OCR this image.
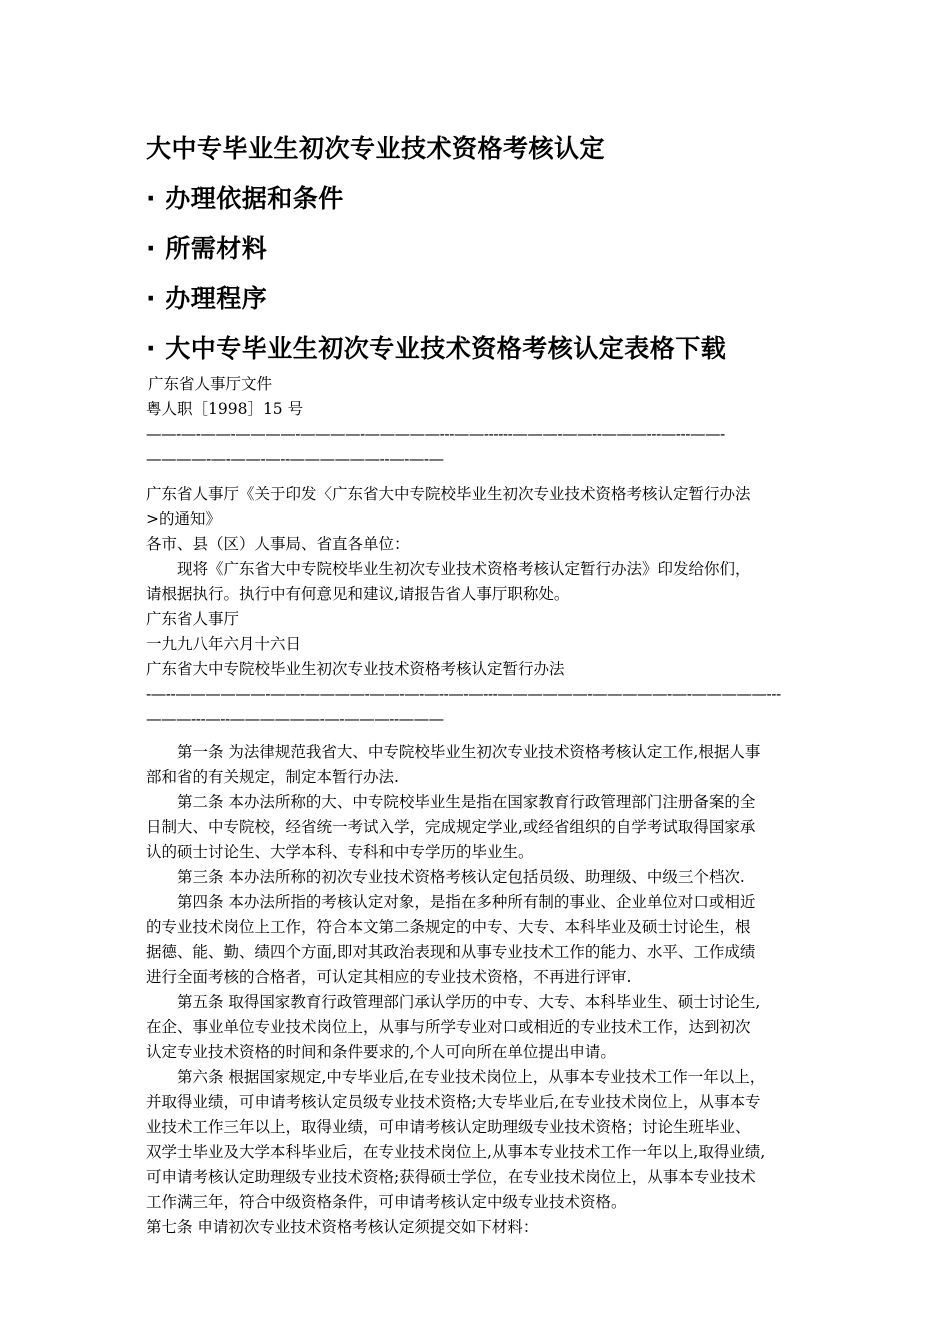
大中专毕业生初次专业技术资格考核认定
· 办理依据和条件
· 所需材料
· 办理程序
· 大中专毕业生初次专业技术资格考核认定表格下载
广东省人事厅文件
粤人职［1998］15 号
——-—-——-————-————-—————---——------———-——--———---—---——-
————-—-——-—--——————--—-—-—
广东省人事厅《关于印发〈广东省大中专院校毕业生初次专业技术资格考核认定暂行办法
>的通知》
各市、县（区）人事局、省直各单位：
现将《广东省大中专院校毕业生初次专业技术资格考核认定暂行办法》印发给你们，
请根据执行。执行中有何意见和建议,请报告省人事厅职称处。
广东省人事厅
一九九八年六月十六日
广东省大中专院校毕业生初次专业技术资格考核认定暂行办法
-—--——————-——-————-——-—-—--—-—---——————-—————-—-—————---
———---—--——————-—-———--———
第一条 为法律规范我省大、中专院校毕业生初次专业技术资格考核认定工作,根据人事
部和省的有关规定，制定本暂行办法.
第二条 本办法所称的大、中专院校毕业生是指在国家教育行政管理部门注册备案的全
日制大、中专院校，经省统一考试入学，完成规定学业,或经省组织的自学考试取得国家承
认的硕士讨论生、大学本科、专科和中专学历的毕业生。
第三条 本办法所称的初次专业技术资格考核认定包括员级、助理级、中级三个档次.
第四条 本办法所指的考核认定对象，是指在多种所有制的事业、企业单位对口或相近
的专业技术岗位上工作，符合本文第二条规定的中专、大专、本科毕业及硕士讨论生，根
据德、能、勤、绩四个方面,即对其政治表现和从事专业技术工作的能力、水平、工作成绩
进行全面考核的合格者，可认定其相应的专业技术资格，不再进行评审.
第五条 取得国家教育行政管理部门承认学历的中专、大专、本科毕业生、硕士讨论生,
在企、事业单位专业技术岗位上，从事与所学专业对口或相近的专业技术工作，达到初次
认定专业技术资格的时间和条件要求的,个人可向所在单位提出申请。
第六条 根据国家规定,中专毕业后,在专业技术岗位上，从事本专业技术工作一年以上，
并取得业绩，可申请考核认定员级专业技术资格;大专毕业后,在专业技术岗位上，从事本专
业技术工作三年以上，取得业绩，可申请考核认定助理级专业技术资格；讨论生班毕业、
双学士毕业及大学本科毕业后，在专业技术岗位上,从事本专业技术工作一年以上,取得业绩,
可申请考核认定助理级专业技术资格;获得硕士学位，在专业技术岗位上，从事本专业技术
工作满三年，符合中级资格条件，可申请考核认定中级专业技术资格。
第七条 申请初次专业技术资格考核认定须提交如下材料：
